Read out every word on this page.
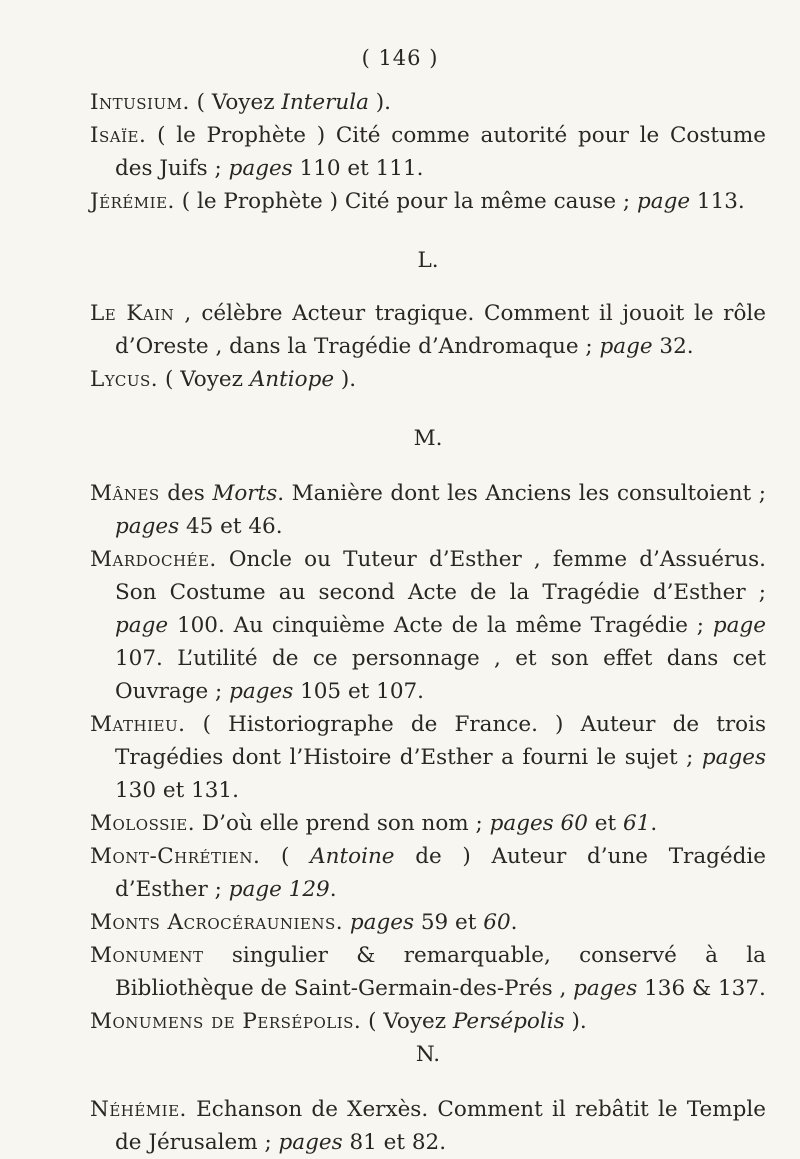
( 146 )

Intusium. ( Voyez Interula ).

Isaïe. ( le Prophète ) Cité comme autorité pour le Costume des Juifs ; pages 110 et 111.

Jérémie. ( le Prophète ) Cité pour la même cause ; page 113.

L.

Le Kain , célèbre Acteur tragique. Comment il jouoit le rôle d’Oreste , dans la Tragédie d’Andromaque ; page 32.

Lycus. ( Voyez Antiope ).

M.

Mânes des Morts. Manière dont les Anciens les consultoient ; pages 45 et 46.

Mardochée. Oncle ou Tuteur d’Esther , femme d’Assuérus. Son Costume au second Acte de la Tragédie d’Esther ; page 100. Au cinquième Acte de la même Tragédie ; page 107. L’utilité de ce personnage , et son effet dans cet Ouvrage ; pages 105 et 107.

Mathieu. ( Historiographe de France. ) Auteur de trois Tragédies dont l’Histoire d’Esther a fourni le sujet ; pages 130 et 131.

Molossie. D’où elle prend son nom ; pages 60 et 61.

Mont-Chrétien. ( Antoine de ) Auteur d’une Tragédie d’Esther ; page 129.

Monts Acrocérauniens. pages 59 et 60.

Monument singulier & remarquable, conservé à la Bibliothèque de Saint-Germain-des-Prés , pages 136 & 137.

Monumens de Persépolis. ( Voyez Persépolis ).

N.

Néhémie. Echanson de Xerxès. Comment il rebâtit le Temple de Jérusalem ; pages 81 et 82.
